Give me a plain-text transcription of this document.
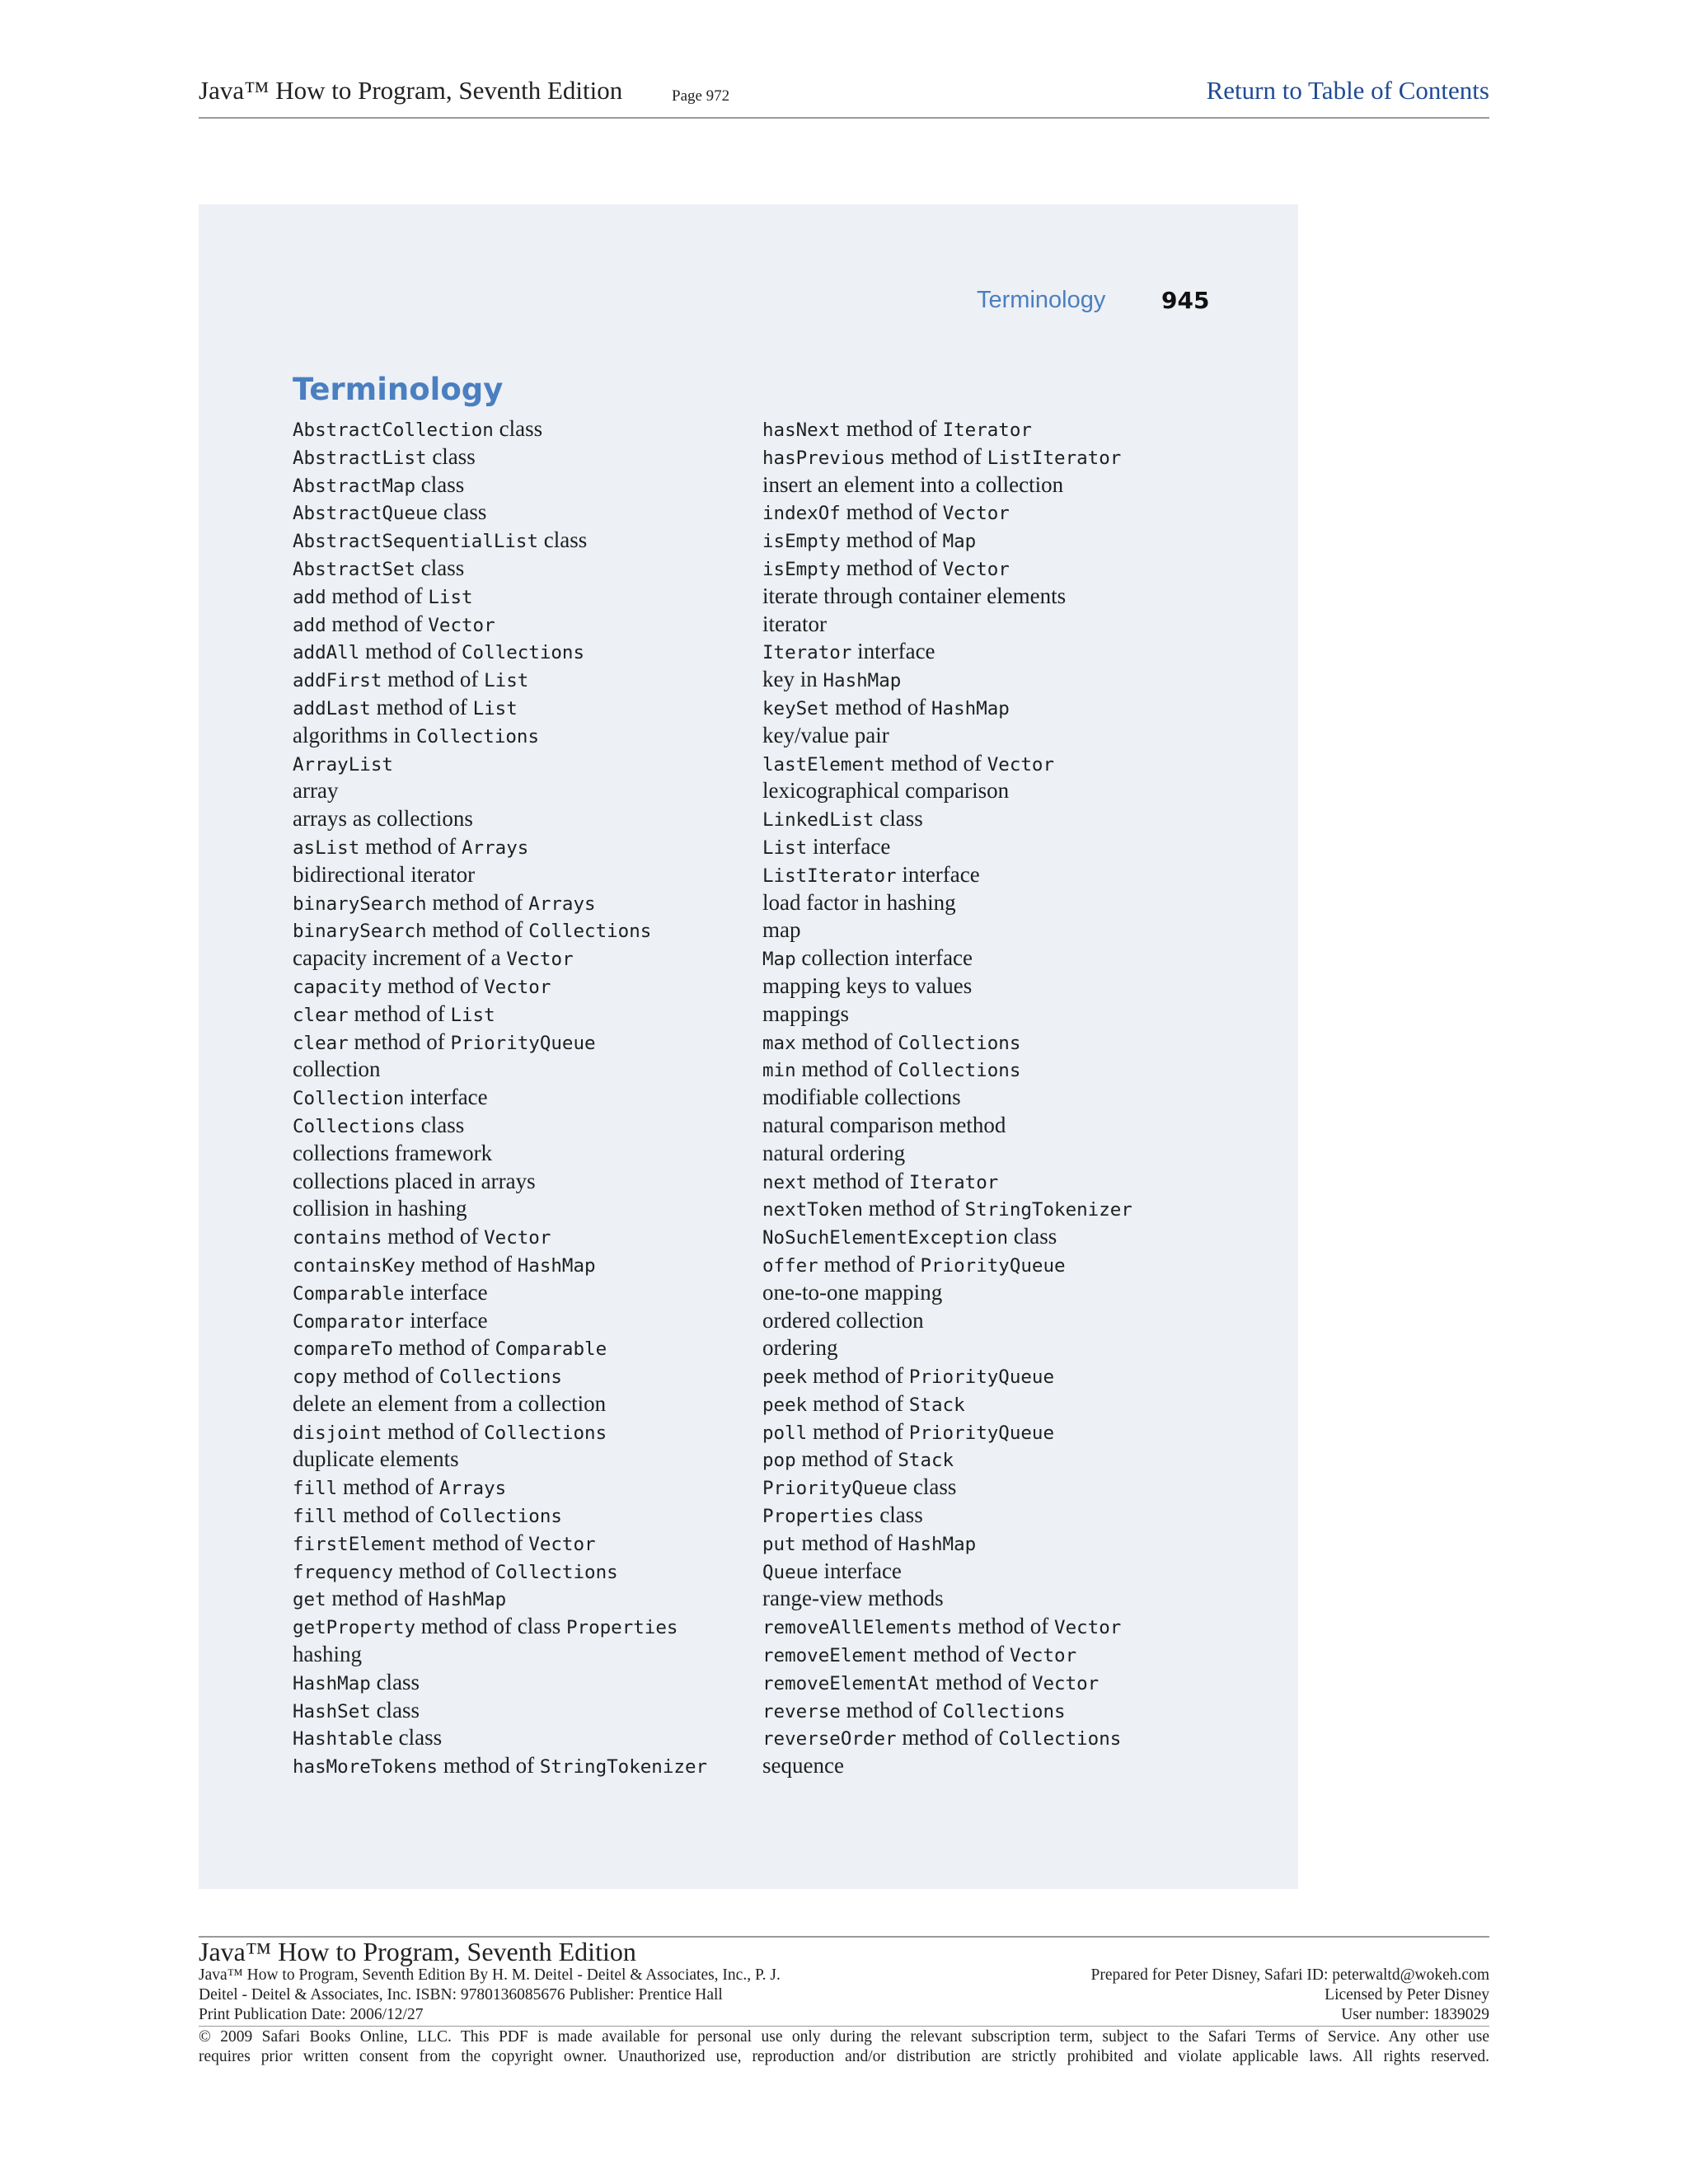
Java™ How to Program, Seventh Edition	Page 972	Return to Table of Contents
Terminology 945
Terminology
AbstractCollection class
AbstractList class
AbstractMap class
AbstractQueue class
AbstractSequentialList class
AbstractSet class
add method of List
add method of Vector
addAll method of Collections
addFirst method of List
addLast method of List
algorithms in Collections
ArrayList
array
arrays as collections
asList method of Arrays
bidirectional iterator
binarySearch method of Arrays
binarySearch method of Collections
capacity increment of a Vector
capacity method of Vector
clear method of List
clear method of PriorityQueue
collection
Collection interface
Collections class
collections framework
collections placed in arrays
collision in hashing
contains method of Vector
containsKey method of HashMap
Comparable interface
Comparator interface
compareTo method of Comparable
copy method of Collections
delete an element from a collection
disjoint method of Collections
duplicate elements
fill method of Arrays
fill method of Collections
firstElement method of Vector
frequency method of Collections
get method of HashMap
getProperty method of class Properties
hashing
HashMap class
HashSet class
Hashtable class
hasMoreTokens method of StringTokenizer
hasNext method of Iterator
hasPrevious method of ListIterator
insert an element into a collection
indexOf method of Vector
isEmpty method of Map
isEmpty method of Vector
iterate through container elements
iterator
Iterator interface
key in HashMap
keySet method of HashMap
key/value pair
lastElement method of Vector
lexicographical comparison
LinkedList class
List interface
ListIterator interface
load factor in hashing
map
Map collection interface
mapping keys to values
mappings
max method of Collections
min method of Collections
modifiable collections
natural comparison method
natural ordering
next method of Iterator
nextToken method of StringTokenizer
NoSuchElementException class
offer method of PriorityQueue
one-to-one mapping
ordered collection
ordering
peek method of PriorityQueue
peek method of Stack
poll method of PriorityQueue
pop method of Stack
PriorityQueue class
Properties class
put method of HashMap
Queue interface
range-view methods
removeAllElements method of Vector
removeElement method of Vector
removeElementAt method of Vector
reverse method of Collections
reverseOrder method of Collections
sequence
Java™ How to Program, Seventh Edition
Java™ How to Program, Seventh Edition By H. M. Deitel - Deitel & Associates, Inc., P. J.
Deitel - Deitel & Associates, Inc. ISBN: 9780136085676 Publisher: Prentice Hall
Print Publication Date: 2006/12/27
Prepared for Peter Disney, Safari ID: peterwaltd@wokeh.com
Licensed by Peter Disney
User number: 1839029
© 2009 Safari Books Online, LLC. This PDF is made available for personal use only during the relevant subscription term, subject to the Safari Terms of Service. Any other use
requires prior written consent from the copyright owner. Unauthorized use, reproduction and/or distribution are strictly prohibited and violate applicable laws. All rights reserved.
